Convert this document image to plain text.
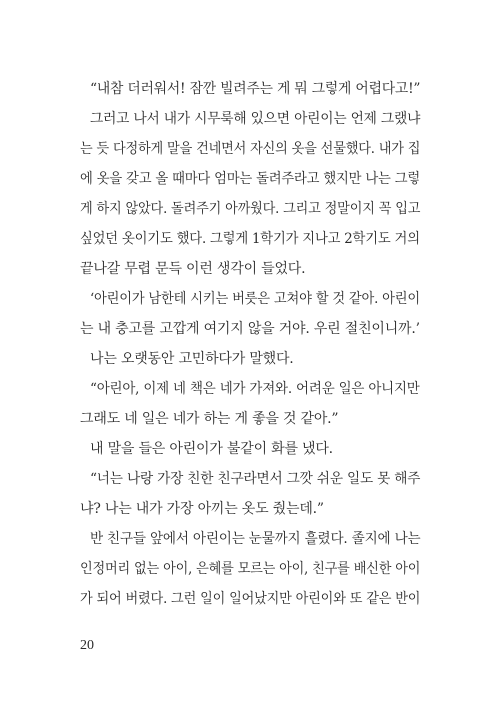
“내참 더러워서! 잠깐 빌려주는 게 뭐 그렇게 어렵다고!”
그러고 나서 내가 시무룩해 있으면 아린이는 언제 그랬냐
는 듯 다정하게 말을 건네면서 자신의 옷을 선물했다. 내가 집
에 옷을 갖고 올 때마다 엄마는 돌려주라고 했지만 나는 그렇
게 하지 않았다. 돌려주기 아까웠다. 그리고 정말이지 꼭 입고
싶었던 옷이기도 했다. 그렇게 1학기가 지나고 2학기도 거의
끝나갈 무렵 문득 이런 생각이 들었다.
‘아린이가 남한테 시키는 버릇은 고쳐야 할 것 같아. 아린이
는 내 충고를 고깝게 여기지 않을 거야. 우린 절친이니까.’
나는 오랫동안 고민하다가 말했다.
“아린아, 이제 네 책은 네가 가져와. 어려운 일은 아니지만
그래도 네 일은 네가 하는 게 좋을 것 같아.”
내 말을 들은 아린이가 불같이 화를 냈다.
“너는 나랑 가장 친한 친구라면서 그깟 쉬운 일도 못 해주
냐? 나는 내가 가장 아끼는 옷도 줬는데.”
반 친구들 앞에서 아린이는 눈물까지 흘렸다. 졸지에 나는
인정머리 없는 아이, 은혜를 모르는 아이, 친구를 배신한 아이
가 되어 버렸다. 그런 일이 일어났지만 아린이와 또 같은 반이
20
